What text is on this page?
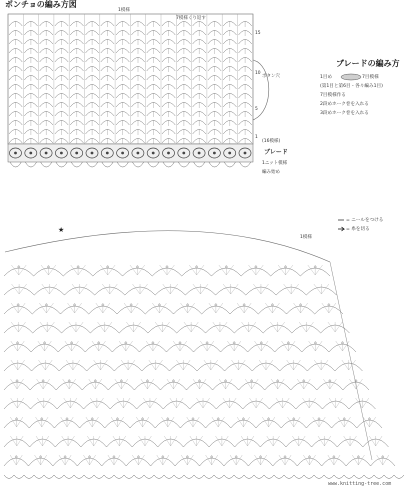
★
ポンチョの編み方図
1模様
7模様くり返す
ボタン穴
(16模様)
ブレード
1ニット模様
編み始め
1模様
15
10
5
1
ブレードの編み方
1目め	7目模様
(第1目と第6目・各々編み1目)
7目模様作る
2段めホーク巻を入れる
3段めホーク巻を入れる
= ニールをつける
= 糸を切る
www.knitting-tree.com
